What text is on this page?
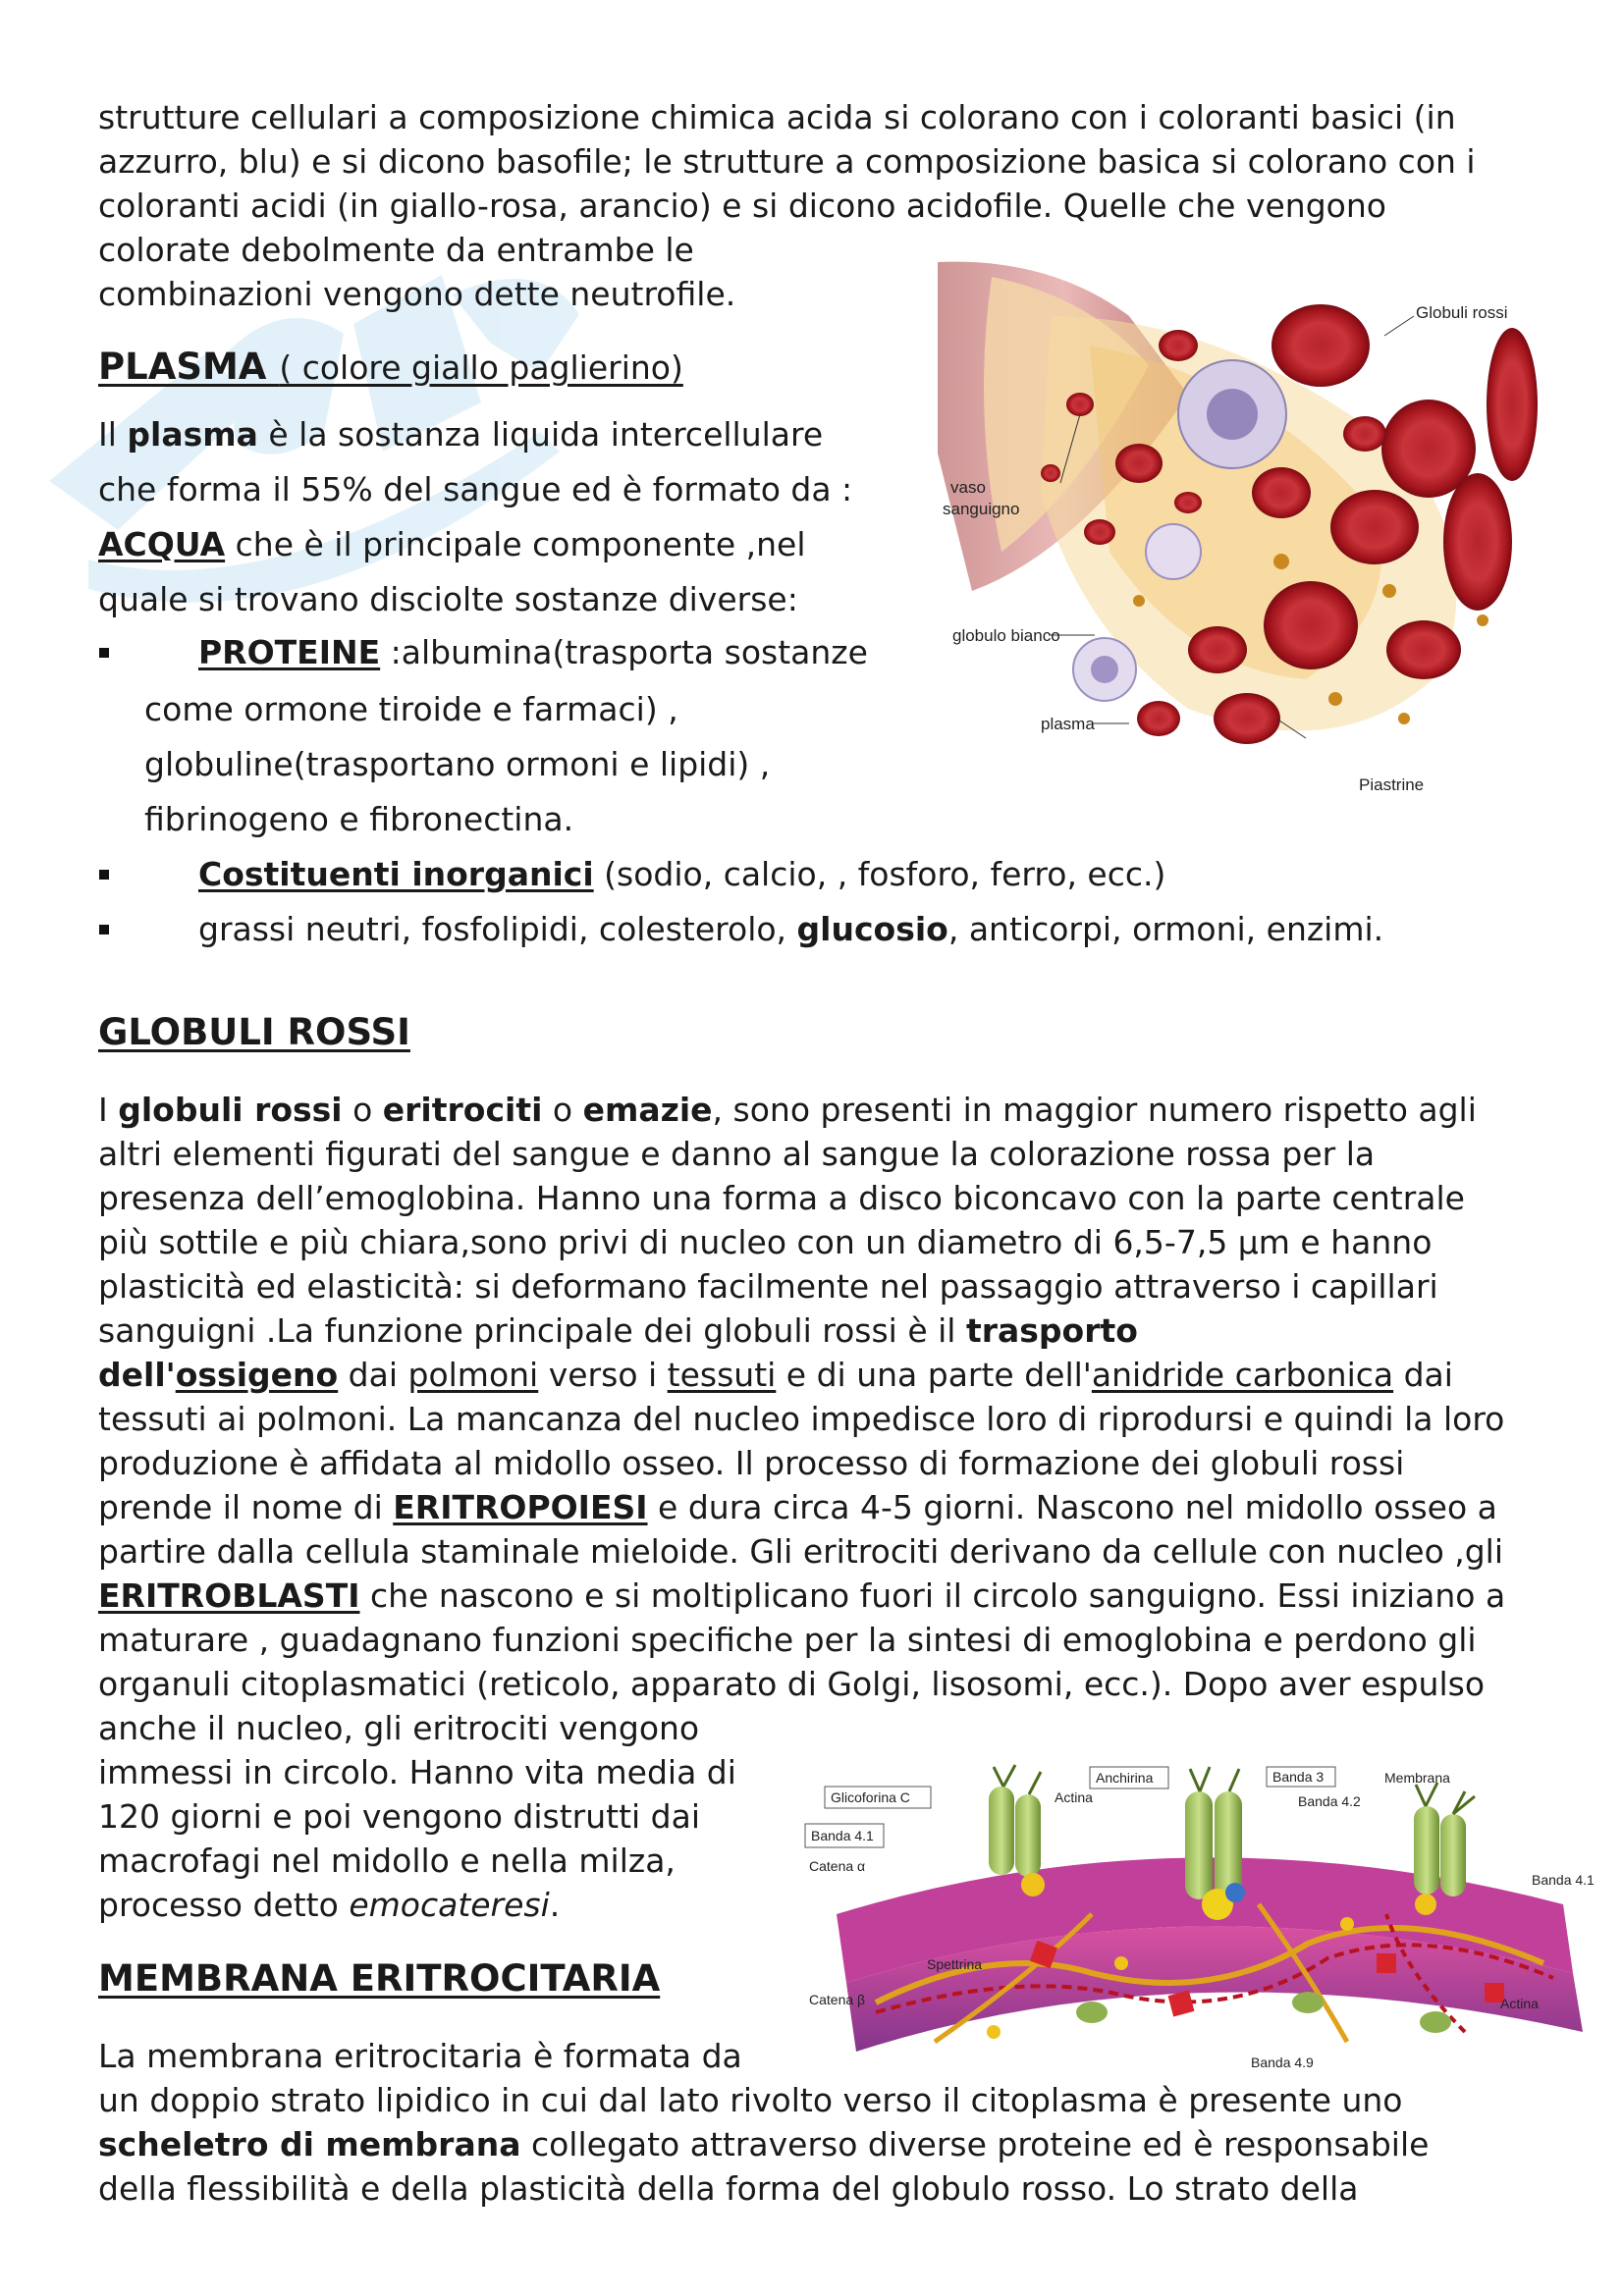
strutture cellulari a composizione chimica acida si colorano con i coloranti basici (in

azzurro, blu) e si dicono basofile; le strutture a composizione basica si colorano con i

coloranti acidi (in giallo-rosa, arancio) e si dicono acidofile. Quelle che vengono

colorate debolmente da entrambe le

combinazioni vengono dette neutrofile.

PLASMA ( colore giallo paglierino)

Il plasma è la sostanza liquida intercellulare

che forma il 55% del sangue ed è formato da :

ACQUA che è il principale componente ,nel

quale si trovano disciolte sostanze diverse:

PROTEINE :albumina(trasporta sostanze

come ormone tiroide e farmaci) ,

globuline(trasportano ormoni e lipidi) ,

fibrinogeno e fibronectina.

Costituenti inorganici (sodio, calcio, , fosforo, ferro, ecc.)

grassi neutri, fosfolipidi, colesterolo, glucosio, anticorpi, ormoni, enzimi.

Globuli rossi
vaso
sanguigno
globulo bianco
plasma
Piastrine

GLOBULI ROSSI

I globuli rossi o eritrociti o emazie, sono presenti in maggior numero rispetto agli

altri elementi figurati del sangue e danno al sangue la colorazione rossa per la

presenza dell’emoglobina. Hanno una forma a disco biconcavo con la parte centrale

più sottile e più chiara,sono privi di nucleo con un diametro di 6,5-7,5 µm e hanno

plasticità ed elasticità: si deformano facilmente nel passaggio attraverso i capillari

sanguigni .La funzione principale dei globuli rossi è il trasporto

dell'ossigeno dai polmoni verso i tessuti e di una parte dell'anidride carbonica dai

tessuti ai polmoni. La mancanza del nucleo impedisce loro di riprodursi e quindi la loro

produzione è affidata al midollo osseo. Il processo di formazione dei globuli rossi

prende il nome di ERITROPOIESI e dura circa 4-5 giorni. Nascono nel midollo osseo a

partire dalla cellula staminale mieloide. Gli eritrociti derivano da cellule con nucleo ,gli

ERITROBLASTI che nascono e si moltiplicano fuori il circolo sanguigno. Essi iniziano a

maturare , guadagnano funzioni specifiche per la sintesi di emoglobina e perdono gli

organuli citoplasmatici (reticolo, apparato di Golgi, lisosomi, ecc.). Dopo aver espulso

anche il nucleo, gli eritrociti vengono

immessi in circolo. Hanno vita media di

120 giorni e poi vengono distrutti dai

macrofagi nel midollo e nella milza,

processo detto emocateresi.

Glicoforina C
Anchirina	Banda 3	Membrana
Actina	Banda 4.2
Banda 4.1
Catena α
Banda 4.1
Spettrina
Catena β	Actina
Banda 4.9

MEMBRANA ERITROCITARIA

La membrana eritrocitaria è formata da

un doppio strato lipidico in cui dal lato rivolto verso il citoplasma è presente uno

scheletro di membrana collegato attraverso diverse proteine ed è responsabile

della flessibilità e della plasticità della forma del globulo rosso. Lo strato della
